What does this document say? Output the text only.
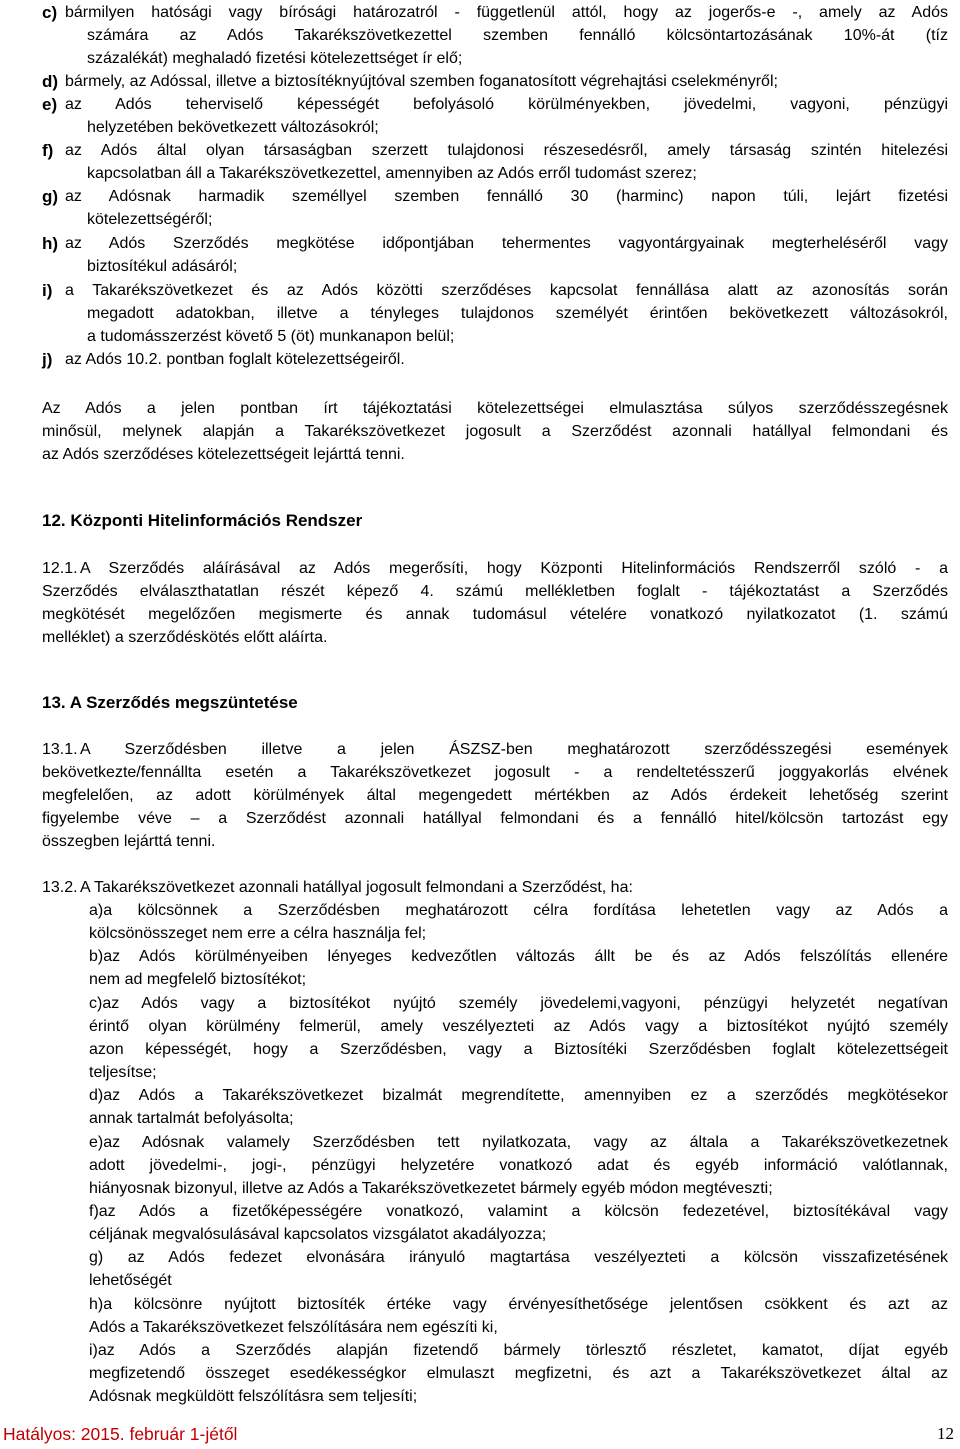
c) bármilyen hatósági vagy bírósági határozatról - függetlenül attól, hogy az jogerős-e -, amely az Adós
számára az Adós Takarékszövetkezettel szemben fennálló kölcsöntartozásának 10%-át (tíz
százalékát) meghaladó fizetési kötelezettséget ír elő;
d) bármely, az Adóssal, illetve a biztosítéknyújtóval szemben foganatosított végrehajtási cselekményről;
e) az Adós teherviselő képességét befolyásoló körülményekben, jövedelmi, vagyoni, pénzügyi
helyzetében bekövetkezett változásokról;
f) az Adós által olyan társaságban szerzett tulajdonosi részesedésről, amely társaság szintén hitelezési
kapcsolatban áll a Takarékszövetkezettel, amennyiben az Adós erről tudomást szerez;
g) az Adósnak harmadik személlyel szemben fennálló 30 (harminc) napon túli, lejárt fizetési
kötelezettségéről;
h) az Adós Szerződés megkötése időpontjában tehermentes vagyontárgyainak megterheléséről vagy
biztosítékul adásáról;
i) a Takarékszövetkezet és az Adós közötti szerződéses kapcsolat fennállása alatt az azonosítás során
megadott adatokban, illetve a tényleges tulajdonos személyét érintően bekövetkezett változásokról,
a tudomásszerzést követő 5 (öt) munkanapon belül;
j) az Adós 10.2. pontban foglalt kötelezettségeiről.
Az Adós a jelen pontban írt tájékoztatási kötelezettségei elmulasztása súlyos szerződésszegésnek
minősül, melynek alapján a Takarékszövetkezet jogosult a Szerződést azonnali hatállyal felmondani és
az Adós szerződéses kötelezettségeit lejárttá tenni.
12. Központi Hitelinformációs Rendszer
12.1. A Szerződés aláírásával az Adós megerősíti, hogy Központi Hitelinformációs Rendszerről szóló - a
Szerződés elválaszthatatlan részét képező 4. számú mellékletben foglalt - tájékoztatást a Szerződés
megkötését megelőzően megismerte és annak tudomásul vételére vonatkozó nyilatkozatot (1. számú
melléklet) a szerződéskötés előtt aláírta.
13. A Szerződés megszüntetése
13.1. A Szerződésben illetve a jelen ÁSZSZ-ben meghatározott szerződésszegési események
bekövetkezte/fennállta esetén a Takarékszövetkezet jogosult - a rendeltetésszerű joggyakorlás elvének
megfelelően, az adott körülmények által megengedett mértékben az Adós érdekeit lehetőség szerint
figyelembe véve – a Szerződést azonnali hatállyal felmondani és a fennálló hitel/kölcsön tartozást egy
összegben lejárttá tenni.
13.2. A Takarékszövetkezet azonnali hatállyal jogosult felmondani a Szerződést, ha:
a)a kölcsönnek a Szerződésben meghatározott célra fordítása lehetetlen vagy az Adós a
kölcsönösszeget nem erre a célra használja fel;
b)az Adós körülményeiben lényeges kedvezőtlen változás állt be és az Adós felszólítás ellenére
nem ad megfelelő biztosítékot;
c)az Adós vagy a biztosítékot nyújtó személy jövedelemi,vagyoni, pénzügyi helyzetét negatívan
érintő olyan körülmény felmerül, amely veszélyezteti az Adós vagy a biztosítékot nyújtó személy
azon képességét, hogy a Szerződésben, vagy a Biztosítéki Szerződésben foglalt kötelezettségeit
teljesítse;
d)az Adós a Takarékszövetkezet bizalmát megrendítette, amennyiben ez a szerződés megkötésekor
annak tartalmát befolyásolta;
e)az Adósnak valamely Szerződésben tett nyilatkozata, vagy az általa a Takarékszövetkezetnek
adott jövedelmi-, jogi-, pénzügyi helyzetére vonatkozó adat és egyéb információ valótlannak,
hiányosnak bizonyul, illetve az Adós a Takarékszövetkezetet bármely egyéb módon megtéveszti;
f)az Adós a fizetőképességére vonatkozó, valamint a kölcsön fedezetével, biztosítékával vagy
céljának megvalósulásával kapcsolatos vizsgálatot akadályozza;
g) az Adós fedezet elvonására irányuló magtartása veszélyezteti a kölcsön visszafizetésének
lehetőségét
h)a kölcsönre nyújtott biztosíték értéke vagy érvényesíthetősége jelentősen csökkent és azt az
Adós a Takarékszövetkezet felszólítására nem egészíti ki,
i)az Adós a Szerződés alapján fizetendő bármely törlesztő részletet, kamatot, díjat egyéb
megfizetendő összeget esedékességkor elmulaszt megfizetni, és azt a Takarékszövetkezet által az
Adósnak megküldött felszólításra sem teljesíti;
Hatályos: 2015. február 1-jétől	12
